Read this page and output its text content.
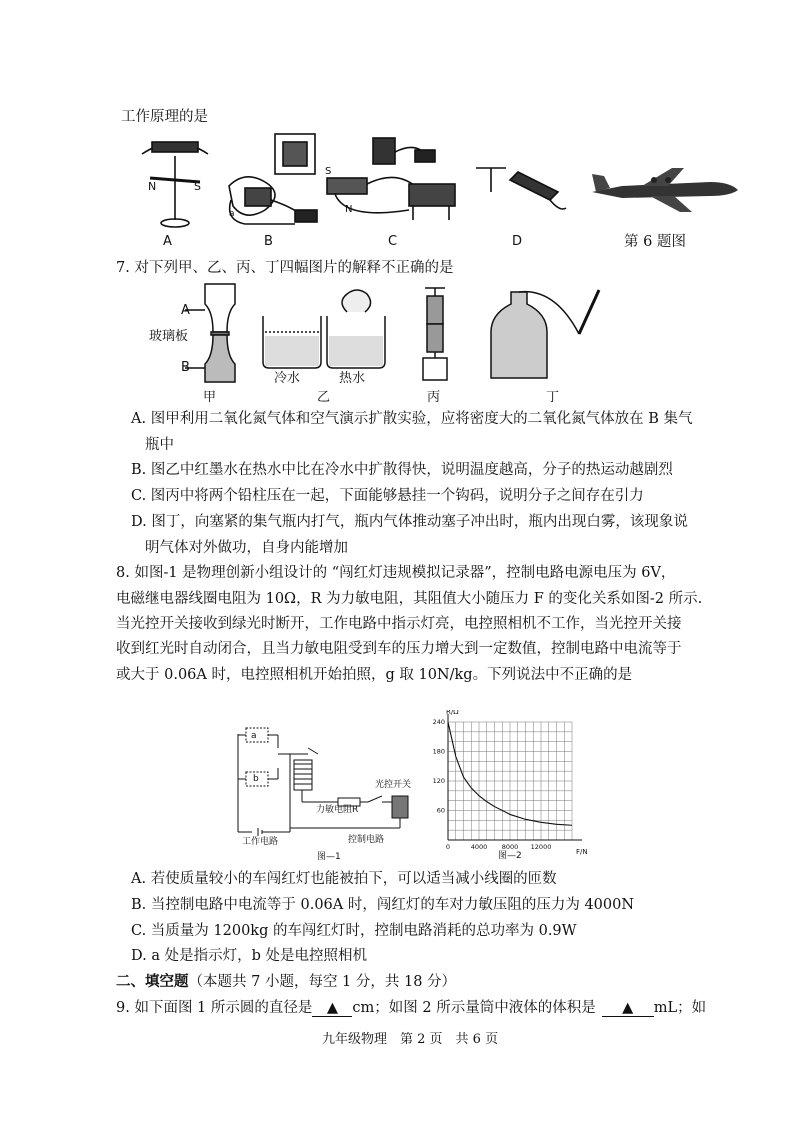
工作原理的是
N	S
a
S
N
A	B	C	D	第 6 题图
7. 对下列甲、乙、丙、丁四幅图片的解释不正确的是
A
玻璃板
B
冷水	热水
甲	乙	丙	丁
A. 图甲利用二氧化氮气体和空气演示扩散实验，应将密度大的二氧化氮气体放在 B 集气
瓶中
B. 图乙中红墨水在热水中比在冷水中扩散得快，说明温度越高，分子的热运动越剧烈
C. 图丙中将两个铅柱压在一起，下面能够悬挂一个钩码，说明分子之间存在引力
D. 图丁，向塞紧的集气瓶内打气，瓶内气体推动塞子冲出时，瓶内出现白雾，该现象说
明气体对外做功，自身内能增加
8. 如图-1 是物理创新小组设计的 “闯红灯违规模拟记录器”，控制电路电源电压为 6V，
电磁继电器线圈电阻为 10Ω，R 为力敏电阻，其阻值大小随压力 F 的变化关系如图-2 所示.
当光控开关接收到绿光时断开，工作电路中指示灯亮，电控照相机不工作，当光控开关接
收到红光时自动闭合，且当力敏电阻受到车的压力增大到一定数值，控制电路中电流等于
或大于 0.06A 时，电控照相机开始拍照，g 取 10N/kg。下列说法中不正确的是
a
b
光控开关
力敏电阻R
工作电路	控制电路
图—1
R/Ω
F/N
0	4000 8000 12000
60
120
180
240
图—2
A. 若使质量较小的车闯红灯也能被拍下，可以适当减小线圈的匝数
B. 当控制电路中电流等于 0.06A 时，闯红灯的车对力敏压阻的压力为 4000N
C. 当质量为 1200kg 的车闯红灯时，控制电路消耗的总功率为 0.9W
D. a 处是指示灯，b 处是电控照相机
二、填空题（本题共 7 小题，每空 1 分，共 18 分）
9. 如下面图 1 所示圆的直径是 ▲ cm；如图 2 所示量筒中液体的体积是 ▲ mL；如
九年级物理　第 2 页　共 6 页
